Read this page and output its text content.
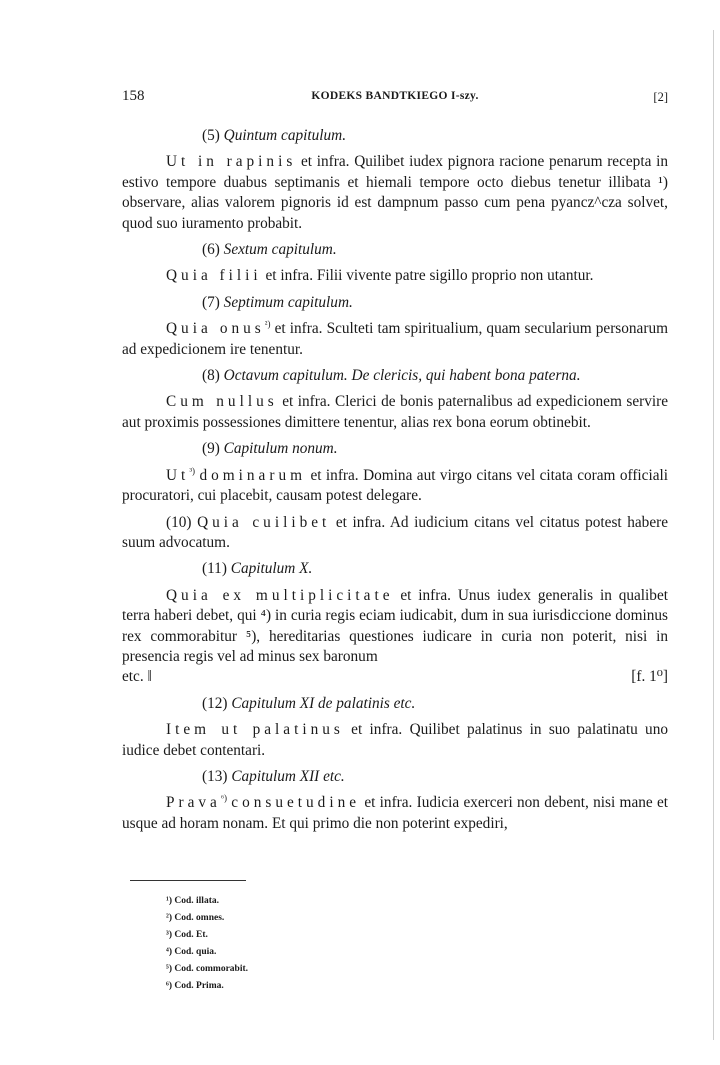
158	KODEKS BANDTKIEGO I-szy.	[2]
(5) Quintum capitulum.

Ut in rapinis et infra. Quilibet iudex pignora racione penarum recepta in estivo tempore duabus septimanis et hiemali tempore octo diebus tenetur illibata ¹) observare, alias valorem pignoris id est dampnum passo cum pena pyancz^cza solvet, quod suo iuramento probabit.

(6) Sextum capitulum.

Quia filii et infra. Filii vivente patre sigillo proprio non utantur.

(7) Septimum capitulum.

Quia onus$^{^2)}$ et infra. Sculteti tam spiritualium, quam secularium personarum ad expedicionem ire tenentur.

(8) Octavum capitulum. De clericis, qui habent bona paterna.

Cum nullus et infra. Clerici de bonis paternalibus ad expedicionem servire aut proximis possessiones dimittere tenentur, alias rex bona eorum obtinebit.

(9) Capitulum nonum.

$Ut^{^3)}$ dominarum et infra. Domina aut virgo citans vel citata coram officiali procuratori, cui placebit, causam potest delegare.

(10) Quia cuilibet et infra. Ad iudicium citans vel citatus potest habere suum advocatum.

(11) Capitulum X.

Quia ex multiplicitate et infra. Unus iudex generalis in qualibet terra haberi debet, qui ⁴) in curia regis eciam iudicabit, dum in sua iurisdiccione dominus rex commorabitur ⁵), hereditarias questiones iudicare in curia non poterit, nisi in presencia regis vel ad minus sex baronum
etc. ‖	[f. 1⁰]

(12) Capitulum XI de palatinis etc.

Item ut palatinus et infra. Quilibet palatinus in suo palatinatu uno iudice debet contentari.

(13) Capitulum XII etc.

Prava$^{^6)}$ consuetudine et infra. Iudicia exerceri non debent, nisi mane et usque ad horam nonam. Et qui primo die non poterint expediri,

¹) Cod. illata.
²) Cod. omnes.
³) Cod. Et.
⁴) Cod. quia.
⁵) Cod. commorabit.
⁶) Cod. Prima.
